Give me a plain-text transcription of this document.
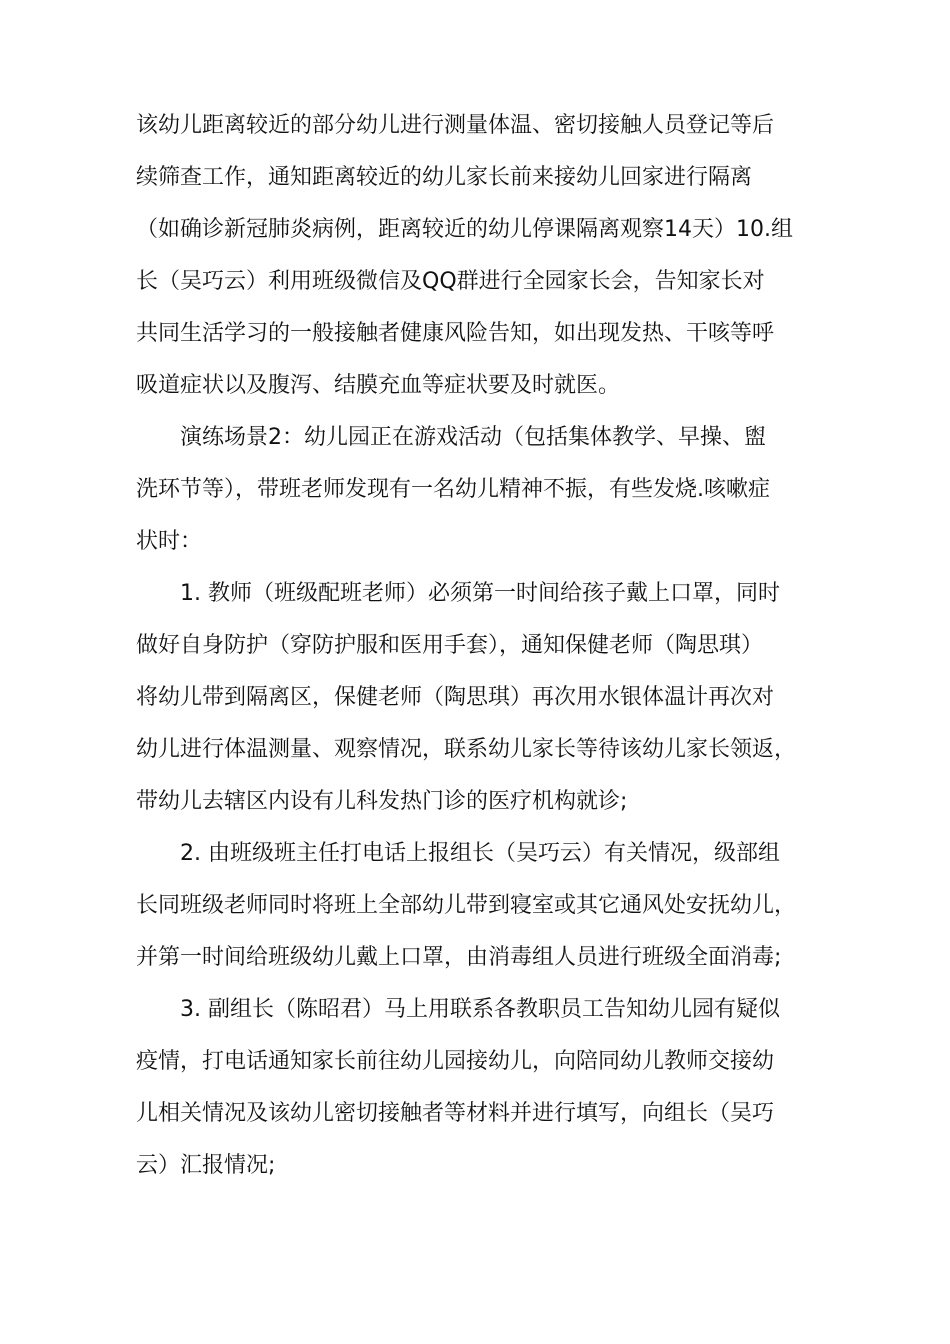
该幼儿距离较近的部分幼儿进行测量体温、密切接触人员登记等后
续筛查工作，通知距离较近的幼儿家长前来接幼儿回家进行隔离
（如确诊新冠肺炎病例，距离较近的幼儿停课隔离观察14天）10.组
长（吴巧云）利用班级微信及QQ群进行全园家长会，告知家长对
共同生活学习的一般接触者健康风险告知，如出现发热、干咳等呼
吸道症状以及腹泻、结膜充血等症状要及时就医。
演练场景2：幼儿园正在游戏活动（包括集体教学、早操、盥
洗环节等），带班老师发现有一名幼儿精神不振，有些发烧.咳嗽症
状时：
1. 教师（班级配班老师）必须第一时间给孩子戴上口罩，同时
做好自身防护（穿防护服和医用手套），通知保健老师（陶思琪）
将幼儿带到隔离区，保健老师（陶思琪）再次用水银体温计再次对
幼儿进行体温测量、观察情况，联系幼儿家长等待该幼儿家长领返，
带幼儿去辖区内设有儿科发热门诊的医疗机构就诊;
2. 由班级班主任打电话上报组长（吴巧云）有关情况，级部组
长同班级老师同时将班上全部幼儿带到寝室或其它通风处安抚幼儿，
并第一时间给班级幼儿戴上口罩，由消毒组人员进行班级全面消毒;
3. 副组长（陈昭君）马上用联系各教职员工告知幼儿园有疑似
疫情，打电话通知家长前往幼儿园接幼儿，向陪同幼儿教师交接幼
儿相关情况及该幼儿密切接触者等材料并进行填写，向组长（吴巧
云）汇报情况;
